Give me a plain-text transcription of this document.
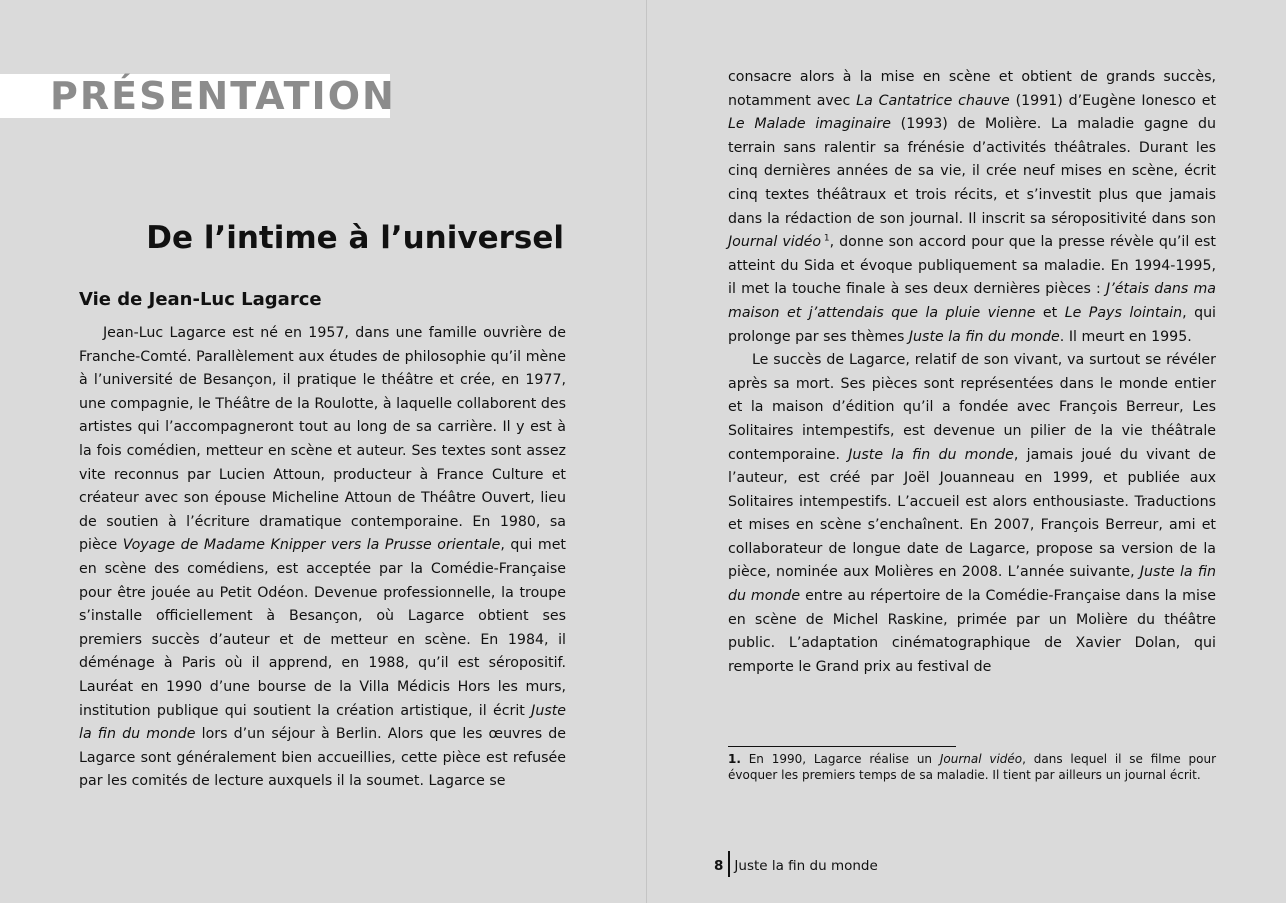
PRÉSENTATION
De l’intime à l’universel
Vie de Jean-Luc Lagarce

Jean-Luc Lagarce est né en 1957, dans une famille ouvrière de Franche-Comté. Parallèlement aux études de philosophie qu’il mène à l’université de Besançon, il pratique le théâtre et crée, en 1977, une compagnie, le Théâtre de la Roulotte, à laquelle collaborent des artistes qui l’accompagneront tout au long de sa carrière. Il y est à la fois comédien, metteur en scène et auteur. Ses textes sont assez vite reconnus par Lucien Attoun, producteur à France Culture et créateur avec son épouse Micheline Attoun de Théâtre Ouvert, lieu de soutien à l’écriture dramatique contemporaine. En 1980, sa pièce Voyage de Madame Knipper vers la Prusse orientale, qui met en scène des comédiens, est acceptée par la Comédie-Française pour être jouée au Petit Odéon. Devenue professionnelle, la troupe s’installe officiellement à Besançon, où Lagarce obtient ses premiers succès d’auteur et de metteur en scène. En 1984, il déménage à Paris où il apprend, en 1988, qu’il est séropositif. Lauréat en 1990 d’une bourse de la Villa Médicis Hors les murs, institution publique qui soutient la création artistique, il écrit Juste la fin du monde lors d’un séjour à Berlin. Alors que les œuvres de Lagarce sont généralement bien accueillies, cette pièce est refusée par les comités de lecture auxquels il la soumet. Lagarce se

consacre alors à la mise en scène et obtient de grands succès, notamment avec La Cantatrice chauve (1991) d’Eugène Ionesco et Le Malade imaginaire (1993) de Molière. La maladie gagne du terrain sans ralentir sa frénésie d’activités théâtrales. Durant les cinq dernières années de sa vie, il crée neuf mises en scène, écrit cinq textes théâtraux et trois récits, et s’investit plus que jamais dans la rédaction de son journal. Il inscrit sa séropositivité dans son Journal vidéo  $^1$, donne son accord pour que la presse révèle qu’il est atteint du Sida et évoque publiquement sa maladie. En 1994-1995, il met la touche finale à ses deux dernières pièces : J’étais dans ma maison et j’attendais que la pluie vienne et Le Pays lointain, qui prolonge par ses thèmes Juste la fin du monde. Il meurt en 1995.

Le succès de Lagarce, relatif de son vivant, va surtout se révéler après sa mort. Ses pièces sont représentées dans le monde entier et la maison d’édition qu’il a fondée avec François Berreur, Les Solitaires intempestifs, est devenue un pilier de la vie théâtrale contemporaine. Juste la fin du monde, jamais joué du vivant de l’auteur, est créé par Joël Jouanneau en 1999, et publiée aux Solitaires intempestifs. L’accueil est alors enthousiaste. Traductions et mises en scène s’enchaînent. En 2007, François Berreur, ami et collaborateur de longue date de Lagarce, propose sa version de la pièce, nominée aux Molières en 2008. L’année suivante, Juste la fin du monde entre au répertoire de la Comédie-Française dans la mise en scène de Michel Raskine, primée par un Molière du théâtre public. L’adaptation cinématographique de Xavier Dolan, qui remporte le Grand prix au festival de

1. En 1990, Lagarce réalise un Journal vidéo, dans lequel il se filme pour évoquer les premiers temps de sa maladie. Il tient par ailleurs un journal écrit.
8 Juste la fin du monde
